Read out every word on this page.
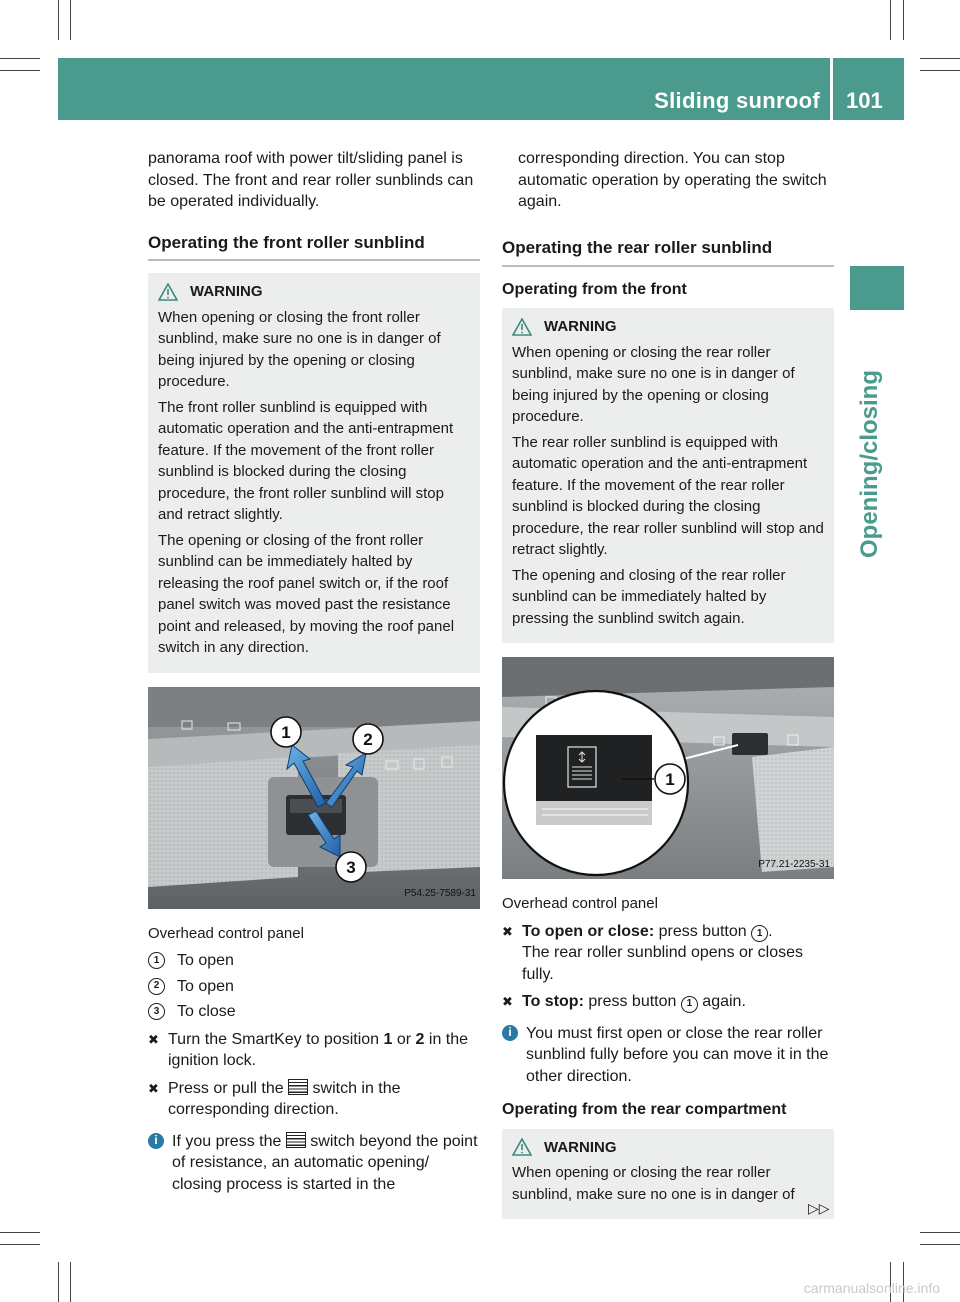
Sliding sunroof 101
Opening/closing

panorama roof with power tilt/sliding panel is closed. The front and rear roller sunblinds can be operated individually.

Operating the front roller sunblind
WARNING

When opening or closing the front roller sunblind, make sure no one is in danger of being injured by the opening or closing procedure.

The front roller sunblind is equipped with automatic operation and the anti-entrapment feature. If the movement of the front roller sunblind is blocked during the closing procedure, the front roller sunblind will stop and retract slightly.

The opening or closing of the front roller sunblind can be immediately halted by releasing the roof panel switch or, if the roof panel switch was moved past the resistance point and released, by moving the roof panel switch in any direction.

1	2
3
P54.25-7589-31

Overhead control panel

1	To open
2	To open
3	To close
✖ Turn the SmartKey to position 1 or 2 in the ignition lock.
✖ Press or pull the  switch in the corresponding direction.
i If you press the  switch beyond the point of resistance, an automatic opening/ closing process is started in the

corresponding direction. You can stop automatic operation by operating the switch again.

Operating the rear roller sunblind
Operating from the front
WARNING

When opening or closing the rear roller sunblind, make sure no one is in danger of being injured by the opening or closing procedure.

The rear roller sunblind is equipped with automatic operation and the anti-entrapment feature. If the movement of the rear roller sunblind is blocked during the closing procedure, the rear roller sunblind will stop and retract slightly.

The opening and closing of the rear roller sunblind can be immediately halted by pressing the sunblind switch again.

1
P77.21-2235-31

Overhead control panel

✖ To open or close: press button 1 .
The rear roller sunblind opens or closes fully.
✖ To stop: press button 1 again.
i You must first open or close the rear roller sunblind fully before you can move it in the other direction.
Operating from the rear compartment
WARNING

When opening or closing the rear roller sunblind, make sure no one is in danger of

▷▷
carmanualsonline.info
